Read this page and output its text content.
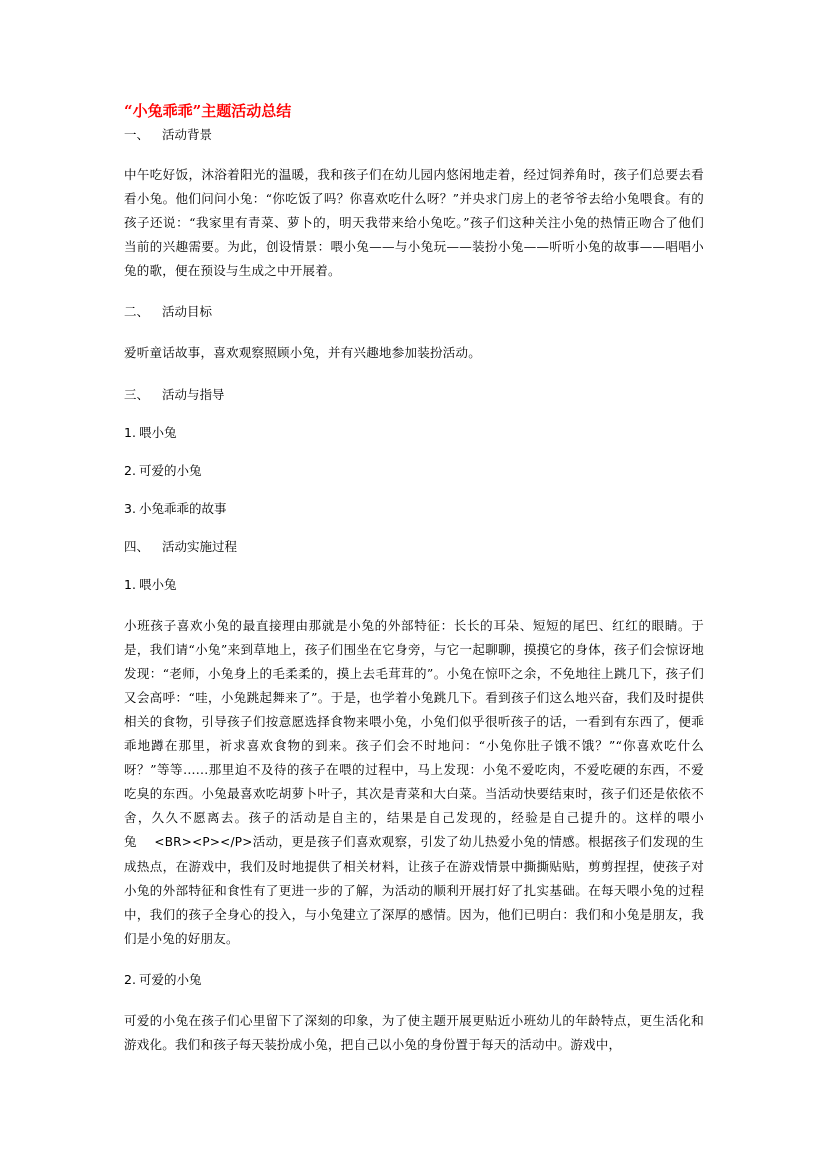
“小兔乖乖”主题活动总结
一、 活动背景

中午吃好饭，沐浴着阳光的温暖，我和孩子们在幼儿园内悠闲地走着，经过饲养角时，孩子们总要去看看小兔。他们问问小兔：“你吃饭了吗？你喜欢吃什么呀？”并央求门房上的老爷爷去给小兔喂食。有的孩子还说：“我家里有青菜、萝卜的，明天我带来给小兔吃。”孩子们这种关注小兔的热情正吻合了他们当前的兴趣需要。为此，创设情景：喂小兔——与小兔玩——装扮小兔——听听小兔的故事——唱唱小兔的歌，便在预设与生成之中开展着。

二、 活动目标

爱听童话故事，喜欢观察照顾小兔，并有兴趣地参加装扮活动。

三、 活动与指导
1. 喂小兔
2. 可爱的小兔
3. 小兔乖乖的故事
四、 活动实施过程
1. 喂小兔

小班孩子喜欢小兔的最直接理由那就是小兔的外部特征：长长的耳朵、短短的尾巴、红红的眼睛。于是，我们请“小兔”来到草地上，孩子们围坐在它身旁，与它一起聊聊，摸摸它的身体，孩子们会惊讶地发现：“老师，小兔身上的毛柔柔的，摸上去毛茸茸的”。小兔在惊吓之余，不免地往上跳几下，孩子们又会高呼：“哇，小兔跳起舞来了”。于是，也学着小兔跳几下。看到孩子们这么地兴奋，我们及时提供相关的食物，引导孩子们按意愿选择食物来喂小兔，小兔们似乎很听孩子的话，一看到有东西了，便乖乖地蹲在那里，祈求喜欢食物的到来。孩子们会不时地问：“小兔你肚子饿不饿？”“你喜欢吃什么呀？”等等......那里迫不及待的孩子在喂的过程中，马上发现：小兔不爱吃肉，不爱吃硬的东西，不爱吃臭的东西。小兔最喜欢吃胡萝卜叶子，其次是青菜和大白菜。当活动快要结束时，孩子们还是依依不舍，久久不愿离去。孩子的活动是自主的，结果是自己发现的，经验是自己提升的。这样的喂小兔 <BR><P></P>活动，更是孩子们喜欢观察，引发了幼儿热爱小兔的情感。根据孩子们发现的生成热点，在游戏中，我们及时地提供了相关材料，让孩子在游戏情景中撕撕贴贴，剪剪捏捏，使孩子对小兔的外部特征和食性有了更进一步的了解，为活动的顺利开展打好了扎实基础。在每天喂小兔的过程中，我们的孩子全身心的投入，与小兔建立了深厚的感情。因为，他们已明白：我们和小兔是朋友，我们是小兔的好朋友。

2. 可爱的小兔

可爱的小兔在孩子们心里留下了深刻的印象，为了使主题开展更贴近小班幼儿的年龄特点，更生活化和游戏化。我们和孩子每天装扮成小兔，把自己以小兔的身份置于每天的活动中。游戏中，
